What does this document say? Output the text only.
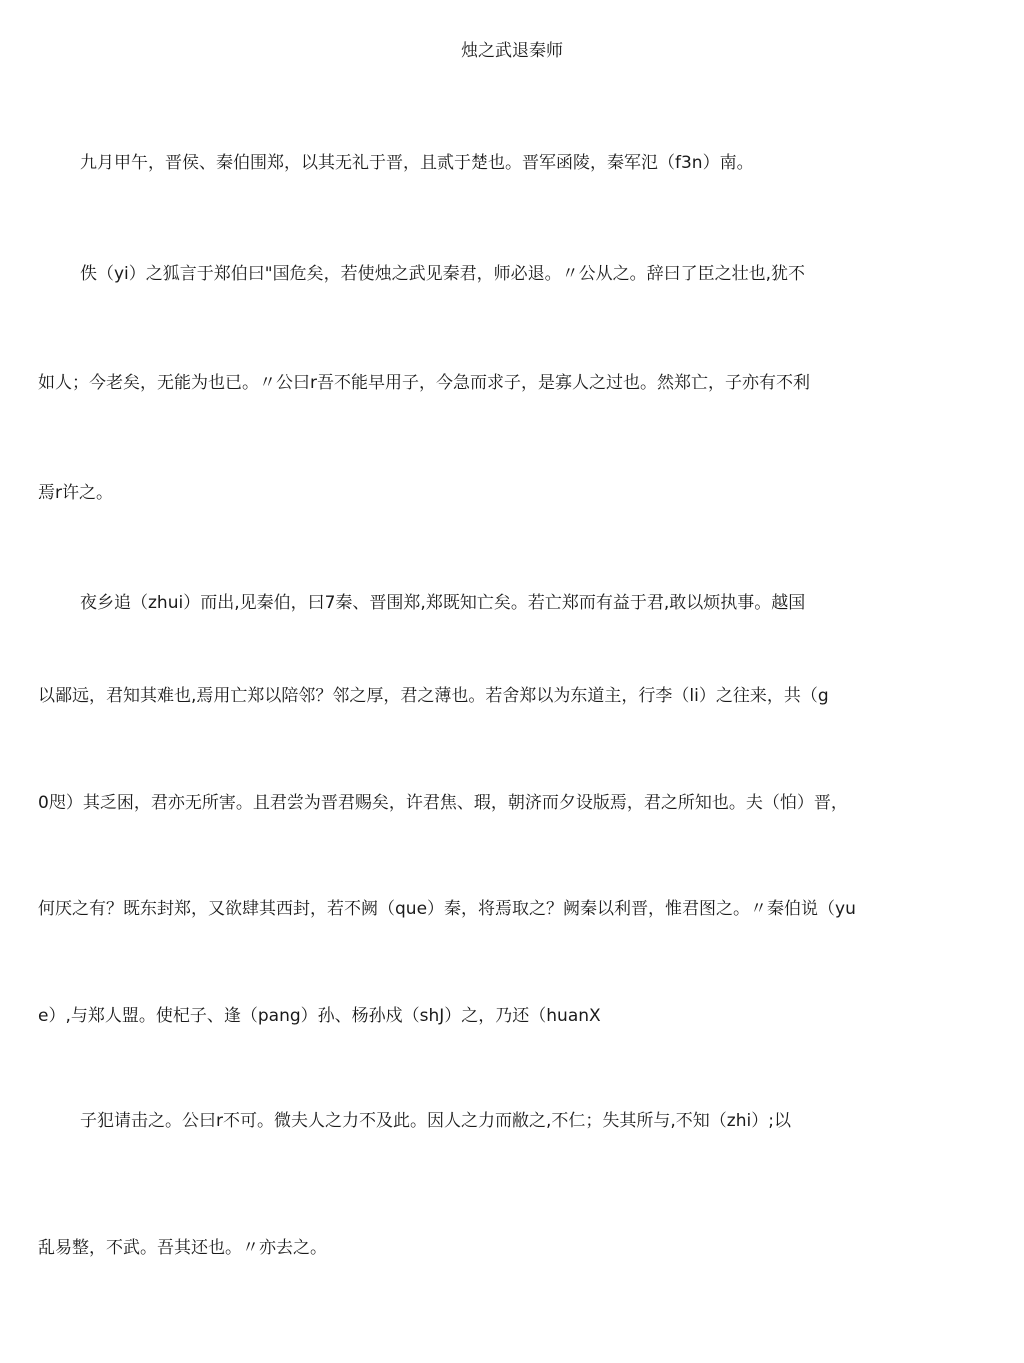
烛之武退秦师
九月甲午，晋侯、秦伯围郑，以其无礼于晋，且贰于楚也。晋军函陵，秦军氾（f3n）南。
佚（yi）之狐言于郑伯曰"国危矣，若使烛之武见秦君，师必退。〃公从之。辞曰了臣之壮也,犹不
如人；今老矣，无能为也已。〃公曰r吾不能早用子，今急而求子，是寡人之过也。然郑亡，子亦有不利
焉r许之。
夜乡追（zhui）而出,见秦伯，曰7秦、晋围郑,郑既知亡矣。若亡郑而有益于君,敢以烦执事。越国
以鄙远，君知其难也,焉用亡郑以陪邻？邻之厚，君之薄也。若舍郑以为东道主，行李（li）之往来，共（g
0咫）其乏困，君亦无所害。且君尝为晋君赐矣，许君焦、瑕，朝济而夕设版焉，君之所知也。夫（怕）晋，
何厌之有？既东封郑，又欲肆其西封，若不阙（que）秦，将焉取之？阙秦以利晋，惟君图之。〃秦伯说（yu
e）,与郑人盟。使杞子、逢（pang）孙、杨孙戍（shJ）之，乃还（huanX
子犯请击之。公曰r不可。微夫人之力不及此。因人之力而敝之,不仁；失其所与,不知（zhi）;以
乱易整，不武。吾其还也。〃亦去之。
